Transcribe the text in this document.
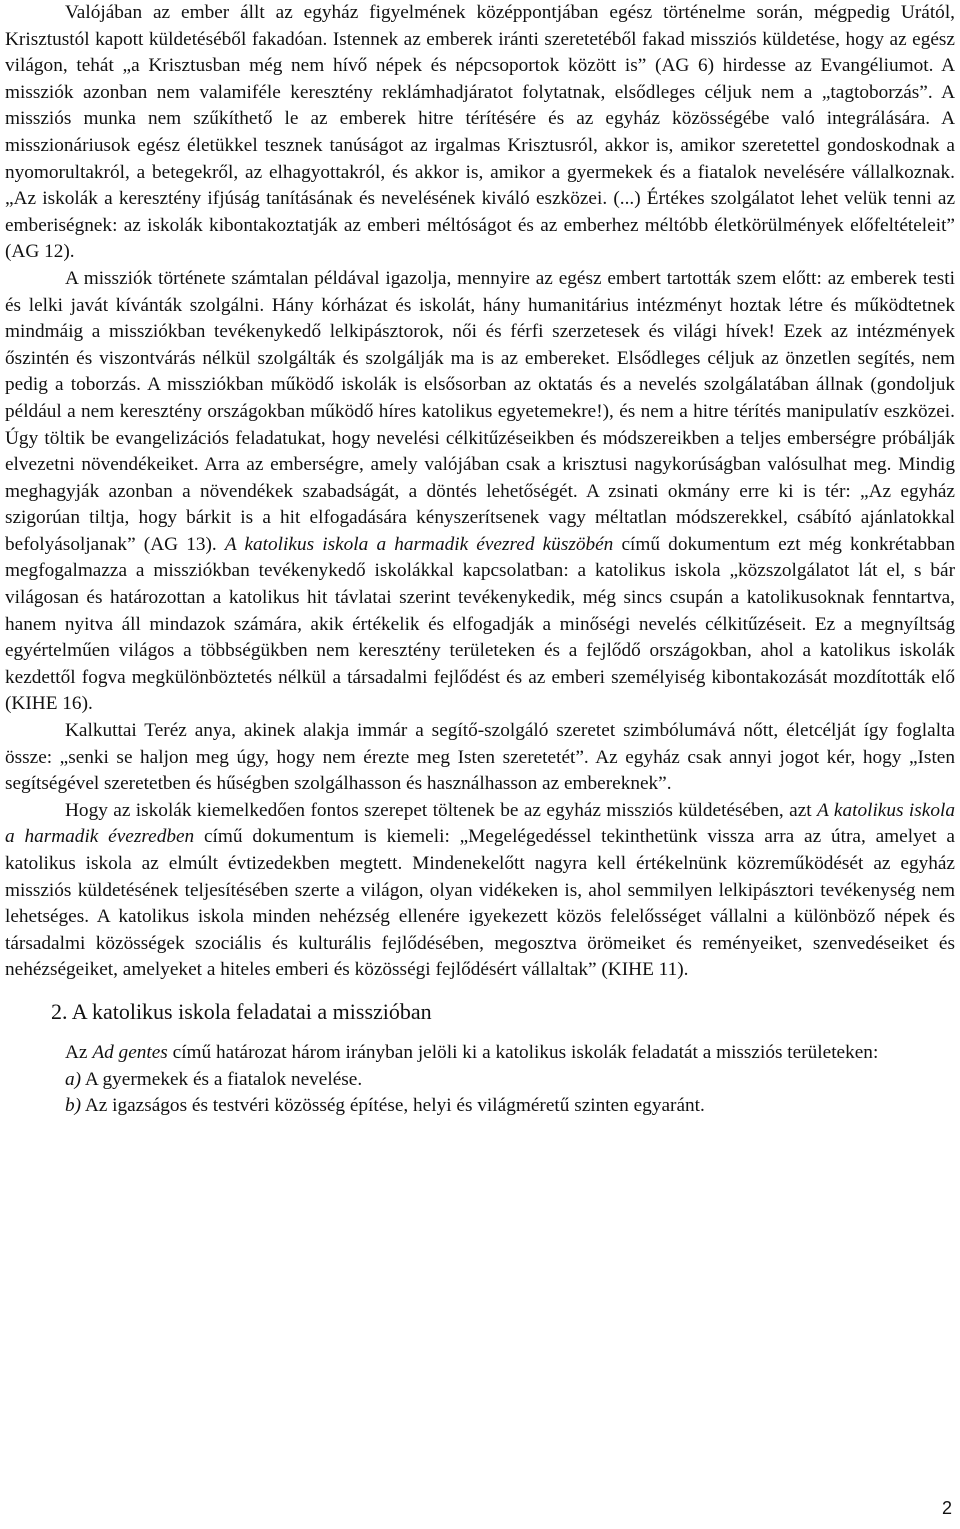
Valójában az ember állt az egyház figyelmének középpontjában egész történelme során, mégpedig Urától, Krisztustól kapott küldetéséből fakadóan. Istennek az emberek iránti szeretetéből fakad missziós küldetése, hogy az egész világon, tehát „a Krisztusban még nem hívő népek és népcsoportok között is” (AG 6) hirdesse az Evangéliumot. A missziók azonban nem valamiféle keresztény reklámhadjáratot folytatnak, elsődleges céljuk nem a „tagtoborzás”. A missziós munka nem szűkíthető le az emberek hitre térítésére és az egyház közösségébe való integrálására. A misszionáriusok egész életükkel tesznek tanúságot az irgalmas Krisztusról, akkor is, amikor szeretettel gondoskodnak a nyomorultakról, a betegekről, az elhagyottakról, és akkor is, amikor a gyermekek és a fiatalok nevelésére vállalkoznak. „Az iskolák a keresztény ifjúság tanításának és nevelésének kiváló eszközei. (...) Értékes szolgálatot lehet velük tenni az emberiségnek: az iskolák kibontakoztatják az emberi méltóságot és az emberhez méltóbb életkörülmények előfeltételeit” (AG 12).

A missziók története számtalan példával igazolja, mennyire az egész embert tartották szem előtt: az emberek testi és lelki javát kívánták szolgálni. Hány kórházat és iskolát, hány humanitárius intézményt hoztak létre és működtetnek mindmáig a missziókban tevékenykedő lelkipásztorok, női és férfi szerzetesek és világi hívek! Ezek az intézmények őszintén és viszontvárás nélkül szolgálták és szolgálják ma is az embereket. Elsődleges céljuk az önzetlen segítés, nem pedig a toborzás. A missziókban működő iskolák is elsősorban az oktatás és a nevelés szolgálatában állnak (gondoljuk például a nem keresztény országokban működő híres katolikus egyetemekre!), és nem a hitre térítés manipulatív eszközei. Úgy töltik be evangelizációs feladatukat, hogy nevelési célkitűzéseikben és módszereikben a teljes emberségre próbálják elvezetni növendékeiket. Arra az emberségre, amely valójában csak a krisztusi nagykorúságban valósulhat meg. Mindig meghagyják azonban a növendékek szabadságát, a döntés lehetőségét. A zsinati okmány erre ki is tér: „Az egyház szigorúan tiltja, hogy bárkit is a hit elfogadására kényszerítsenek vagy méltatlan módszerekkel, csábító ajánlatokkal befolyásoljanak” (AG 13). A katolikus iskola a harmadik évezred küszöbén című dokumentum ezt még konkrétabban megfogalmazza a missziókban tevékenykedő iskolákkal kapcsolatban: a katolikus iskola „közszolgálatot lát el, s bár világosan és határozottan a katolikus hit távlatai szerint tevékenykedik, még sincs csupán a katolikusoknak fenntartva, hanem nyitva áll mindazok számára, akik értékelik és elfogadják a minőségi nevelés célkitűzéseit. Ez a megnyíltság egyértelműen világos a többségükben nem keresztény területeken és a fejlődő országokban, ahol a katolikus iskolák kezdettől fogva megkülönböztetés nélkül a társadalmi fejlődést és az emberi személyiség kibontakozását mozdították elő (KIHE 16).

Kalkuttai Teréz anya, akinek alakja immár a segítő-szolgáló szeretet szimbólumává nőtt, életcélját így foglalta össze: „senki se haljon meg úgy, hogy nem érezte meg Isten szeretetét”. Az egyház csak annyi jogot kér, hogy „Isten segítségével szeretetben és hűségben szolgálhasson és használhasson az embereknek”.

Hogy az iskolák kiemelkedően fontos szerepet töltenek be az egyház missziós küldetésében, azt A katolikus iskola a harmadik évezredben című dokumentum is kiemeli: „Megelégedéssel tekinthetünk vissza arra az útra, amelyet a katolikus iskola az elmúlt évtizedekben megtett. Mindenekelőtt nagyra kell értékelnünk közreműködését az egyház missziós küldetésének teljesítésében szerte a világon, olyan vidékeken is, ahol semmilyen lelkipásztori tevékenység nem lehetséges. A katolikus iskola minden nehézség ellenére igyekezett közös felelősséget vállalni a különböző népek és társadalmi közösségek szociális és kulturális fejlődésében, megosztva örömeiket és reményeiket, szenvedéseiket és nehézségeiket, amelyeket a hiteles emberi és közösségi fejlődésért vállaltak” (KIHE 11).

2. A katolikus iskola feladatai a misszióban

Az Ad gentes című határozat három irányban jelöli ki a katolikus iskolák feladatát a missziós területeken:

a) A gyermekek és a fiatalok nevelése.

b) Az igazságos és testvéri közösség építése, helyi és világméretű szinten egyaránt.

2
